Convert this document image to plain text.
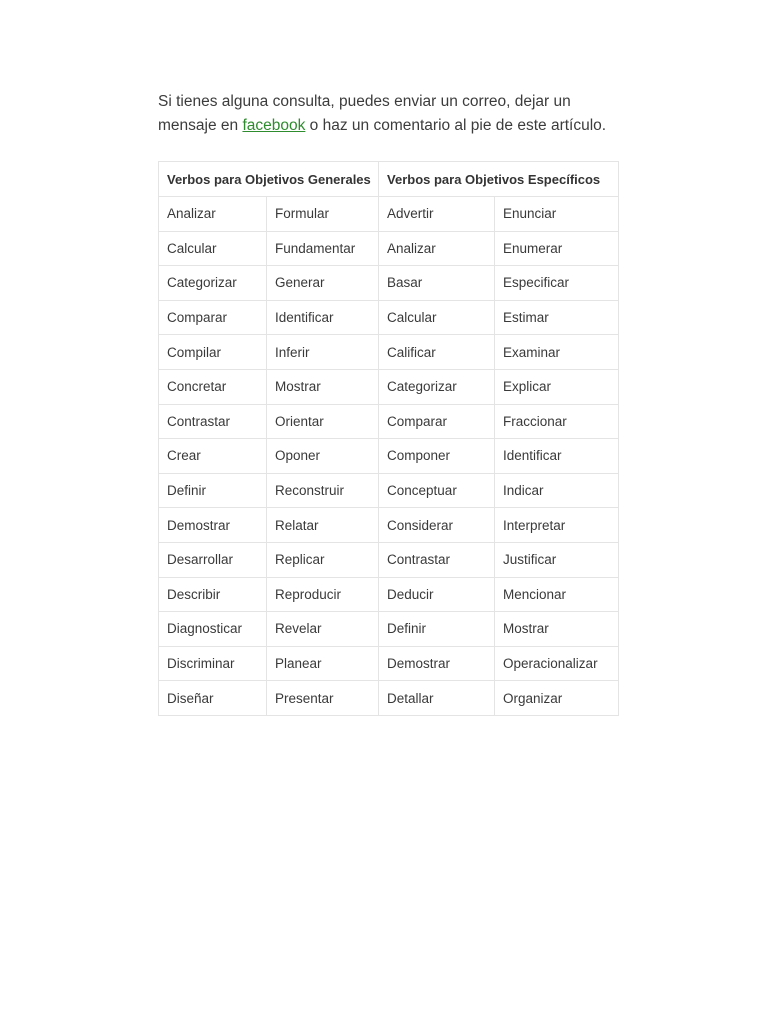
Si tienes alguna consulta, puedes enviar un correo, dejar un mensaje en facebook o haz un comentario al pie de este artículo.

Verbos para Objetivos Generales		Verbos para Objetivos Específicos	
Analizar	Formular	Advertir	Enunciar
Calcular	Fundamentar	Analizar	Enumerar
Categorizar	Generar	Basar	Especificar
Comparar	Identificar	Calcular	Estimar
Compilar	Inferir	Calificar	Examinar
Concretar	Mostrar	Categorizar	Explicar
Contrastar	Orientar	Comparar	Fraccionar
Crear	Oponer	Componer	Identificar
Definir	Reconstruir	Conceptuar	Indicar
Demostrar	Relatar	Considerar	Interpretar
Desarrollar	Replicar	Contrastar	Justificar
Describir	Reproducir	Deducir	Mencionar
Diagnosticar	Revelar	Definir	Mostrar
Discriminar	Planear	Demostrar	Operacionalizar
Diseñar	Presentar	Detallar	Organizar
